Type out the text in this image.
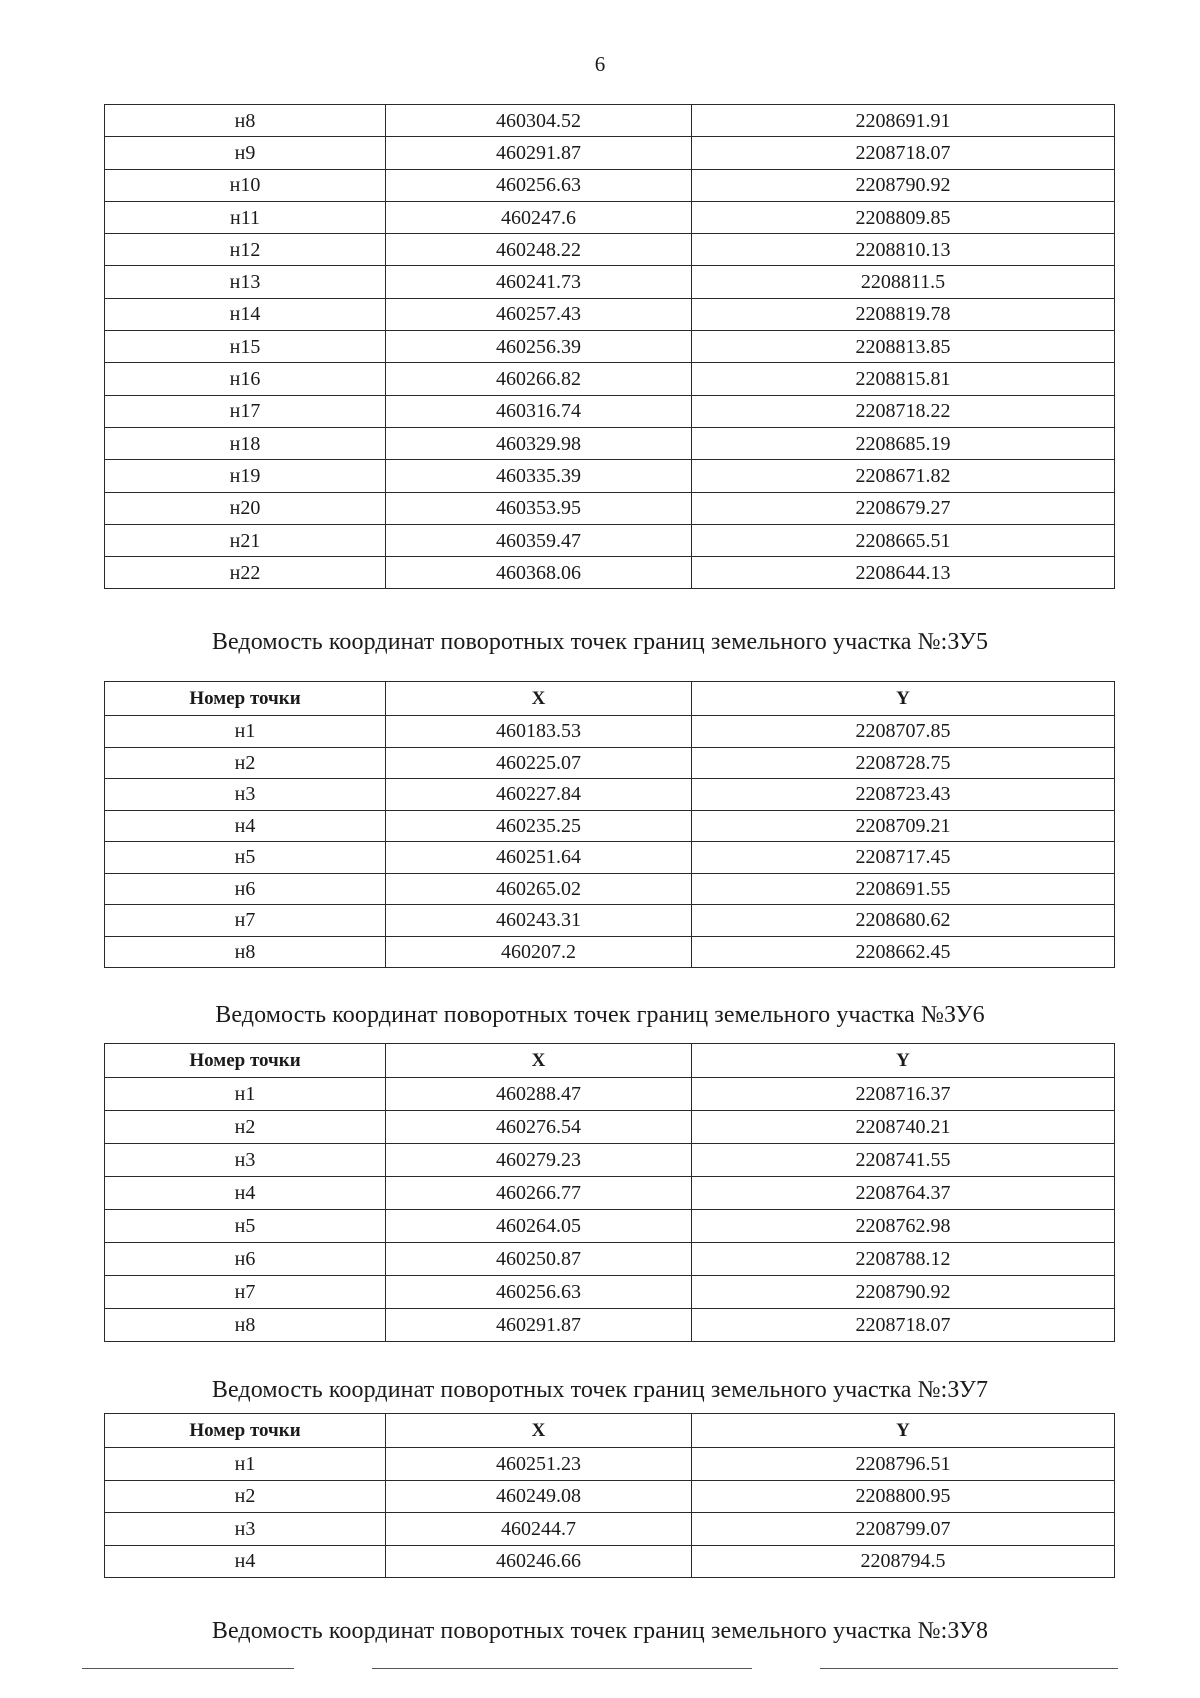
6
н8	460304.52	2208691.91
н9	460291.87	2208718.07
н10	460256.63	2208790.92
н11	460247.6	2208809.85
н12	460248.22	2208810.13
н13	460241.73	2208811.5
н14	460257.43	2208819.78
н15	460256.39	2208813.85
н16	460266.82	2208815.81
н17	460316.74	2208718.22
н18	460329.98	2208685.19
н19	460335.39	2208671.82
н20	460353.95	2208679.27
н21	460359.47	2208665.51
н22	460368.06	2208644.13
Ведомость координат поворотных точек границ земельного участка №:ЗУ5
Номер точки	X	Y
н1	460183.53	2208707.85
н2	460225.07	2208728.75
н3	460227.84	2208723.43
н4	460235.25	2208709.21
н5	460251.64	2208717.45
н6	460265.02	2208691.55
н7	460243.31	2208680.62
н8	460207.2	2208662.45
Ведомость координат поворотных точек границ земельного участка №ЗУ6
Номер точки	X	Y
н1	460288.47	2208716.37
н2	460276.54	2208740.21
н3	460279.23	2208741.55
н4	460266.77	2208764.37
н5	460264.05	2208762.98
н6	460250.87	2208788.12
н7	460256.63	2208790.92
н8	460291.87	2208718.07
Ведомость координат поворотных точек границ земельного участка №:ЗУ7
Номер точки	X	Y
н1	460251.23	2208796.51
н2	460249.08	2208800.95
н3	460244.7	2208799.07
н4	460246.66	2208794.5
Ведомость координат поворотных точек границ земельного участка №:ЗУ8
